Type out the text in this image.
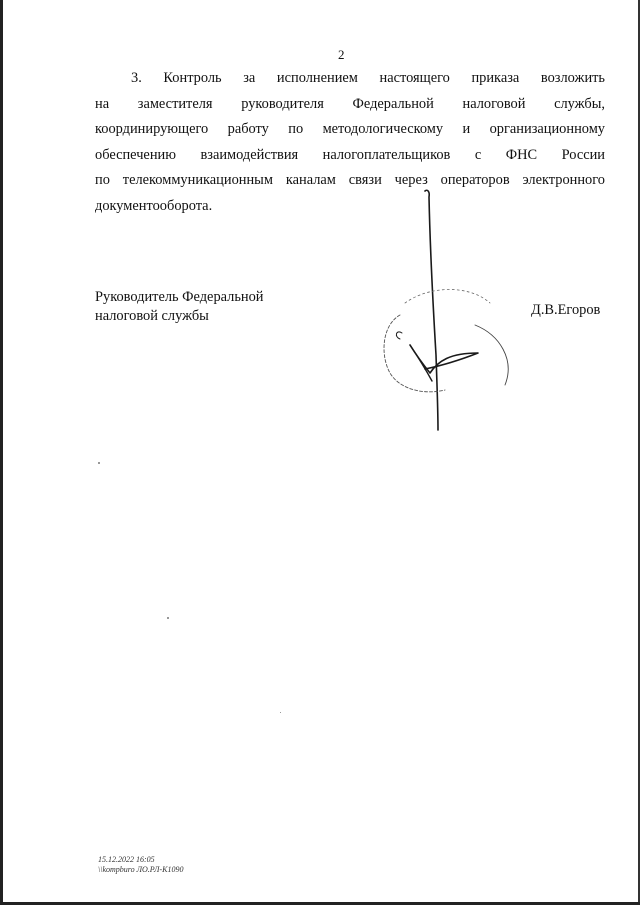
2
3. Контроль за исполнением настоящего приказа возложить
на заместителя руководителя Федеральной налоговой службы,
координирующего работу по методологическому и организационному
обеспечению взаимодействия налогоплательщиков с ФНС России
по телекоммуникационным каналам связи через операторов электронного
документооборота.
Руководитель Федеральной
налоговой службы	Д.В.Егоров
15.12.2022 16:05
\\kompburo ЛО.РЛ-К1090
